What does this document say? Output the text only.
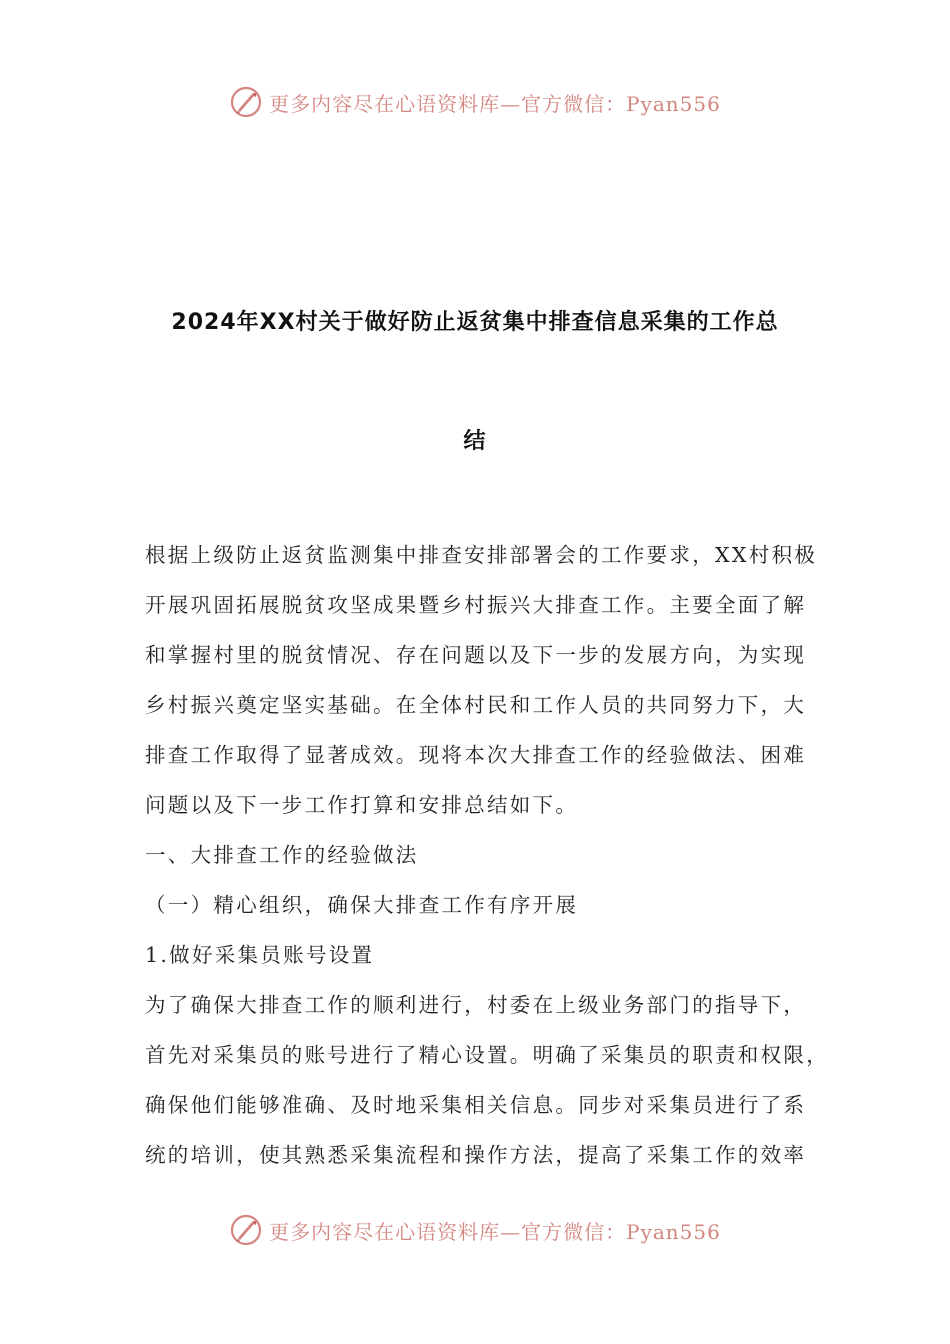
更多内容尽在心语资料库—官方微信：Pyan556
2024年XX村关于做好防止返贫集中排查信息采集的工作总
结

根据上级防止返贫监测集中排查安排部署会的工作要求，XX村积极

开展巩固拓展脱贫攻坚成果暨乡村振兴大排查工作。主要全面了解

和掌握村里的脱贫情况、存在问题以及下一步的发展方向，为实现

乡村振兴奠定坚实基础。在全体村民和工作人员的共同努力下，大

排查工作取得了显著成效。现将本次大排查工作的经验做法、困难

问题以及下一步工作打算和安排总结如下。

一、大排查工作的经验做法

（一）精心组织，确保大排查工作有序开展

1.做好采集员账号设置

为了确保大排查工作的顺利进行，村委在上级业务部门的指导下，

首先对采集员的账号进行了精心设置。明确了采集员的职责和权限，

确保他们能够准确、及时地采集相关信息。同步对采集员进行了系

统的培训，使其熟悉采集流程和操作方法，提高了采集工作的效率

更多内容尽在心语资料库—官方微信：Pyan556
